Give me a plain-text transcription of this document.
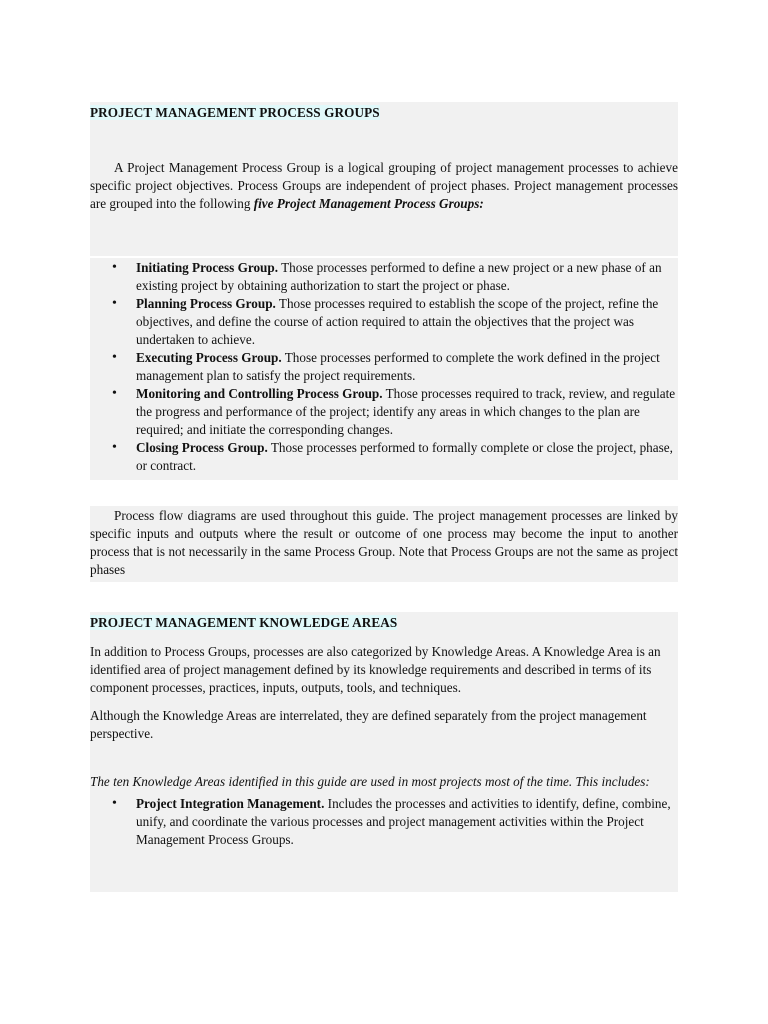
PROJECT MANAGEMENT PROCESS GROUPS

A Project Management Process Group is a logical grouping of project management processes to achieve specific project objectives. Process Groups are independent of project phases. Project management processes are grouped into the following five Project Management Process Groups:

• Initiating Process Group. Those processes performed to define a new project or a new phase of an existing project by obtaining authorization to start the project or phase.
• Planning Process Group. Those processes required to establish the scope of the project, refine the objectives, and define the course of action required to attain the objectives that the project was undertaken to achieve.
• Executing Process Group. Those processes performed to complete the work defined in the project management plan to satisfy the project requirements.
• Monitoring and Controlling Process Group. Those processes required to track, review, and regulate the progress and performance of the project; identify any areas in which changes to the plan are required; and initiate the corresponding changes.
• Closing Process Group. Those processes performed to formally complete or close the project, phase, or contract.

Process flow diagrams are used throughout this guide. The project management processes are linked by specific inputs and outputs where the result or outcome of one process may become the input to another process that is not necessarily in the same Process Group. Note that Process Groups are not the same as project phases

PROJECT MANAGEMENT KNOWLEDGE AREAS

In addition to Process Groups, processes are also categorized by Knowledge Areas. A Knowledge Area is an identified area of project management defined by its knowledge requirements and described in terms of its component processes, practices, inputs, outputs, tools, and techniques.

Although the Knowledge Areas are interrelated, they are defined separately from the project management perspective.

The ten Knowledge Areas identified in this guide are used in most projects most of the time. This includes:

• Project Integration Management. Includes the processes and activities to identify, define, combine, unify, and coordinate the various processes and project management activities within the Project Management Process Groups.
